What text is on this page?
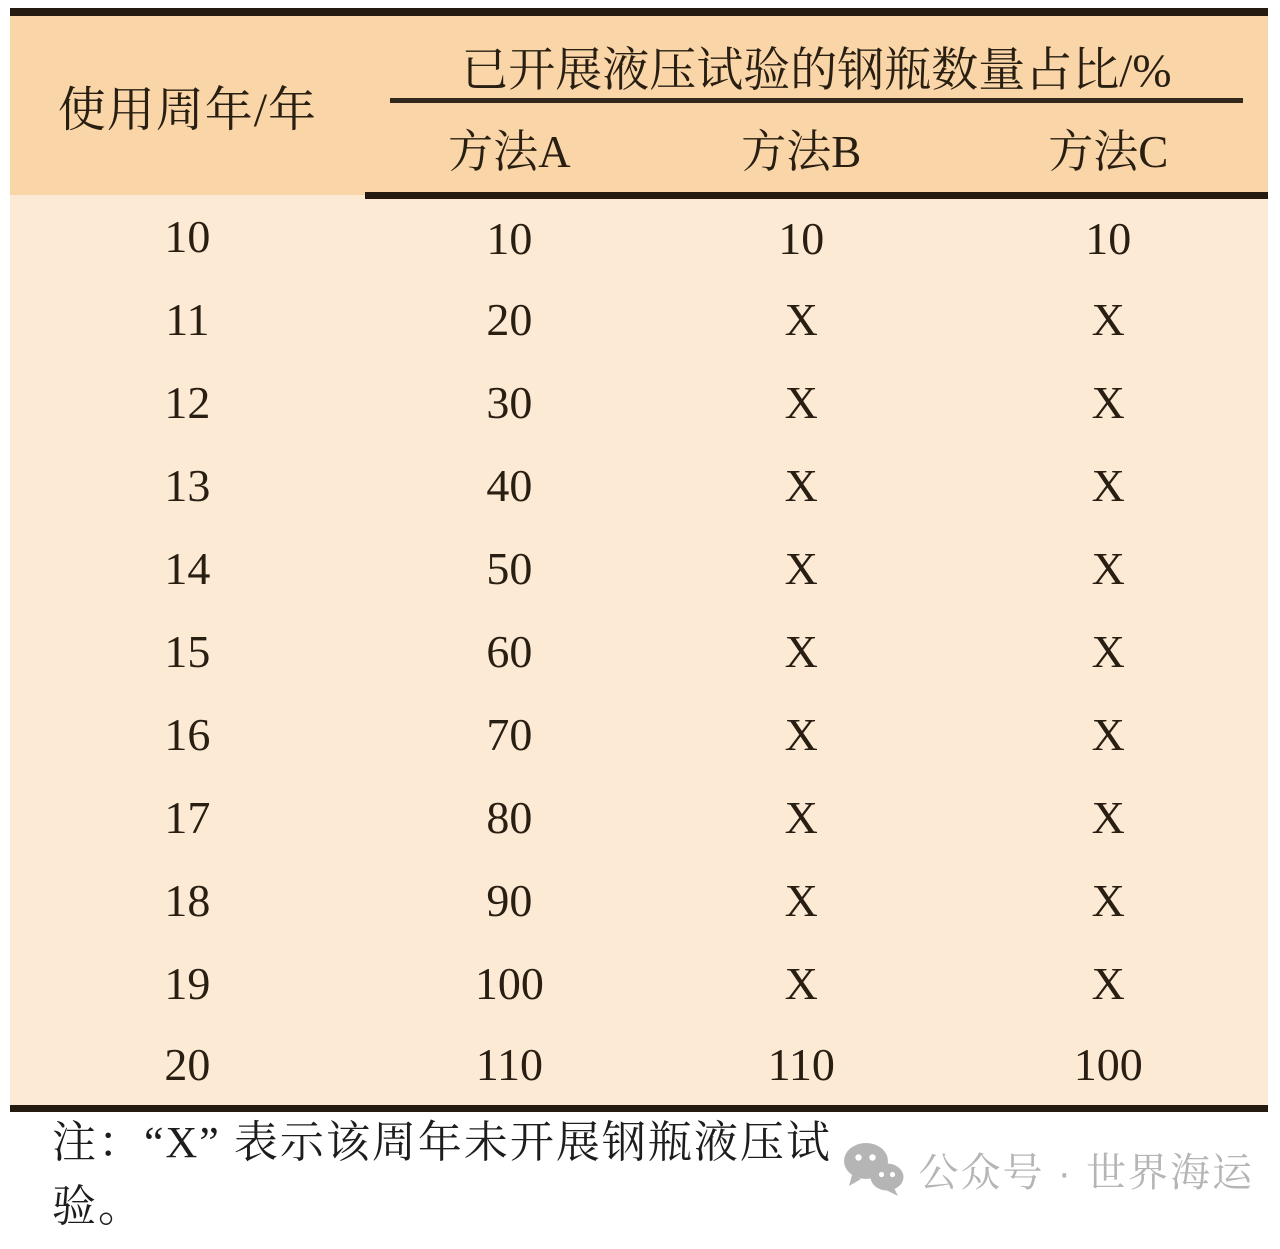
使用周年/年	已开展液压试验的钢瓶数量占比/%		
	方法A	方法B	方法C
10	10	10	10
11	20	X	X
12	30	X	X
13	40	X	X
14	50	X	X
15	60	X	X
16	70	X	X
17	80	X	X
18	90	X	X
19	100	X	X
20	110	110	100
注：“X” 表示该周年未开展钢瓶液压试验。
公众号 · 世界海运
